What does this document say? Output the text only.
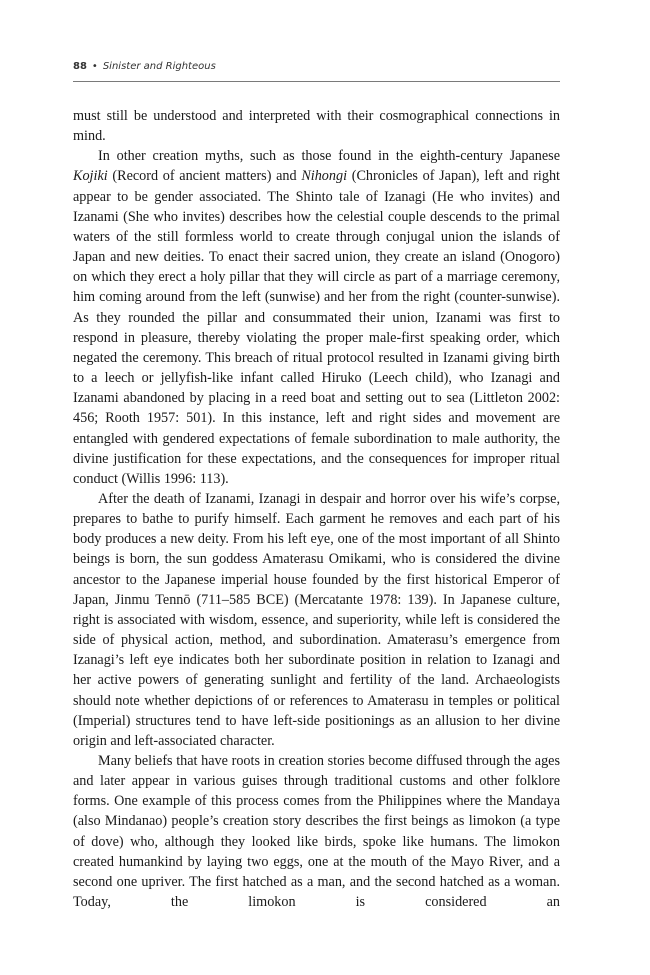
88 • Sinister and Righteous

must still be understood and interpreted with their cosmographical connections in mind.

In other creation myths, such as those found in the eighth-century Japanese Kojiki (Record of ancient matters) and Nihongi (Chronicles of Japan), left and right appear to be gender associated. The Shinto tale of Izanagi (He who invites) and Izanami (She who invites) describes how the celestial couple descends to the primal waters of the still formless world to create through conjugal union the islands of Japan and new deities. To enact their sacred union, they create an island (Onogoro) on which they erect a holy pillar that they will circle as part of a marriage ceremony, him coming around from the left (sunwise) and her from the right (counter-sunwise). As they rounded the pillar and consummated their union, Izanami was first to respond in pleasure, thereby violating the proper male-first speaking order, which negated the ceremony. This breach of ritual protocol resulted in Izanami giving birth to a leech or jellyfish-like infant called Hiruko (Leech child), who Izanagi and Izanami abandoned by placing in a reed boat and setting out to sea (Littleton 2002: 456; Rooth 1957: 501). In this instance, left and right sides and movement are entangled with gendered expectations of female subordination to male authority, the divine justification for these expectations, and the consequences for improper ritual conduct (Willis 1996: 113).

After the death of Izanami, Izanagi in despair and horror over his wife’s corpse, prepares to bathe to purify himself. Each garment he removes and each part of his body produces a new deity. From his left eye, one of the most important of all Shinto beings is born, the sun goddess Amaterasu Omikami, who is considered the divine ancestor to the Japanese imperial house founded by the first historical Emperor of Japan, Jinmu Tennō (711–585 BCE) (Mercatante 1978: 139). In Japanese culture, right is associated with wisdom, essence, and superiority, while left is considered the side of physical action, method, and subordination. Amaterasu’s emergence from Izanagi’s left eye indicates both her subordinate position in relation to Izanagi and her active powers of generating sunlight and fertility of the land. Archaeologists should note whether depictions of or references to Amaterasu in temples or political (Imperial) structures tend to have left-side positionings as an allusion to her divine origin and left-associated character.

Many beliefs that have roots in creation stories become diffused through the ages and later appear in various guises through traditional customs and other folklore forms. One example of this process comes from the Philippines where the Mandaya (also Mindanao) people’s creation story describes the first beings as limokon (a type of dove) who, although they looked like birds, spoke like humans. The limokon created humankind by laying two eggs, one at the mouth of the Mayo River, and a second one upriver. The first hatched as a man, and the second hatched as a woman. Today, the limokon is considered an
